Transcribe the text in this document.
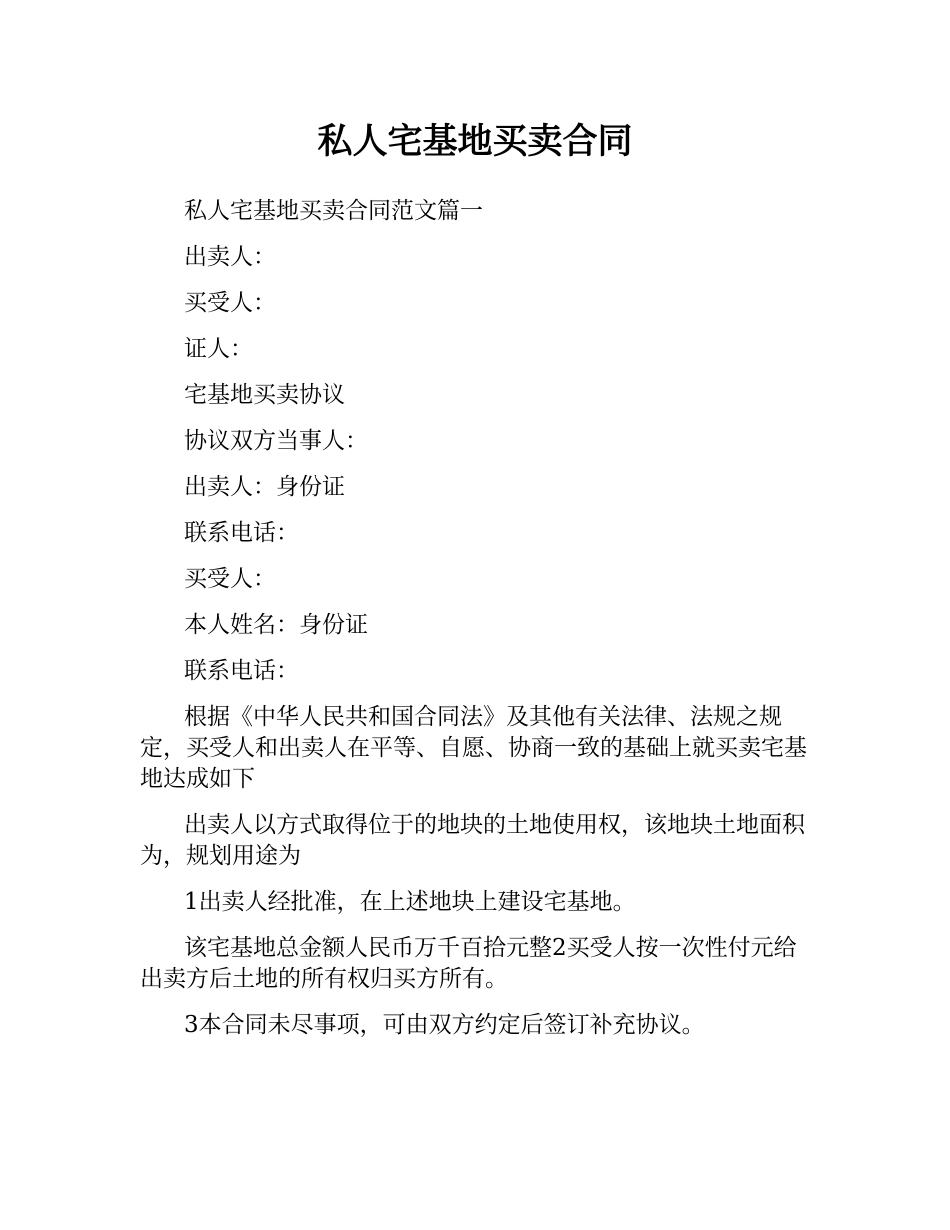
私人宅基地买卖合同

私人宅基地买卖合同范文篇一

出卖人：

买受人：

证人：

宅基地买卖协议

协议双方当事人：

出卖人：身份证

联系电话：

买受人：

本人姓名：身份证

联系电话：

根据《中华人民共和国合同法》及其他有关法律、法规之规定，买受人和出卖人在平等、自愿、协商一致的基础上就买卖宅基地达成如下

出卖人以方式取得位于的地块的土地使用权，该地块土地面积为，规划用途为

1出卖人经批准，在上述地块上建设宅基地。

该宅基地总金额人民币万千百拾元整2买受人按一次性付元给出卖方后土地的所有权归买方所有。

3本合同未尽事项，可由双方约定后签订补充协议。
